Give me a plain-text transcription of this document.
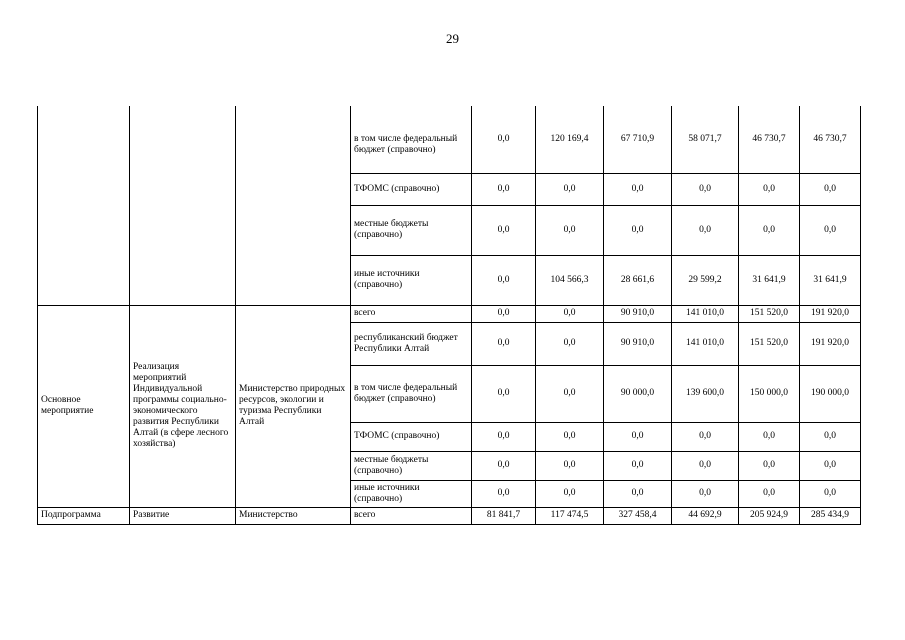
29
			в том числе федеральный бюджет (справочно)	0,0	120 169,4	67 710,9	58 071,7	46 730,7	46 730,7
			ТФОМС (справочно)	0,0	0,0	0,0	0,0	0,0	0,0
			местные бюджеты (справочно)	0,0	0,0	0,0	0,0	0,0	0,0
			иные источники (справочно)	0,0	104 566,3	28 661,6	29 599,2	31 641,9	31 641,9
Основное мероприятие	Реализация мероприятий Индивидуальной программы социально-экономического развития Республики Алтай (в сфере лесного хозяйства)	Министерство природных ресурсов, экологии и туризма Республики Алтай	всего	0,0	0,0	90 910,0	141 010,0	151 520,0	191 920,0
			республиканский бюджет Республики Алтай	0,0	0,0	90 910,0	141 010,0	151 520,0	191 920,0
			в том числе федеральный бюджет (справочно)	0,0	0,0	90 000,0	139 600,0	150 000,0	190 000,0
			ТФОМС (справочно)	0,0	0,0	0,0	0,0	0,0	0,0
			местные бюджеты (справочно)	0,0	0,0	0,0	0,0	0,0	0,0
			иные источники (справочно)	0,0	0,0	0,0	0,0	0,0	0,0
Подпрограмма	Развитие	Министерство	всего	81 841,7	117 474,5	327 458,4	44 692,9	205 924,9	285 434,9
